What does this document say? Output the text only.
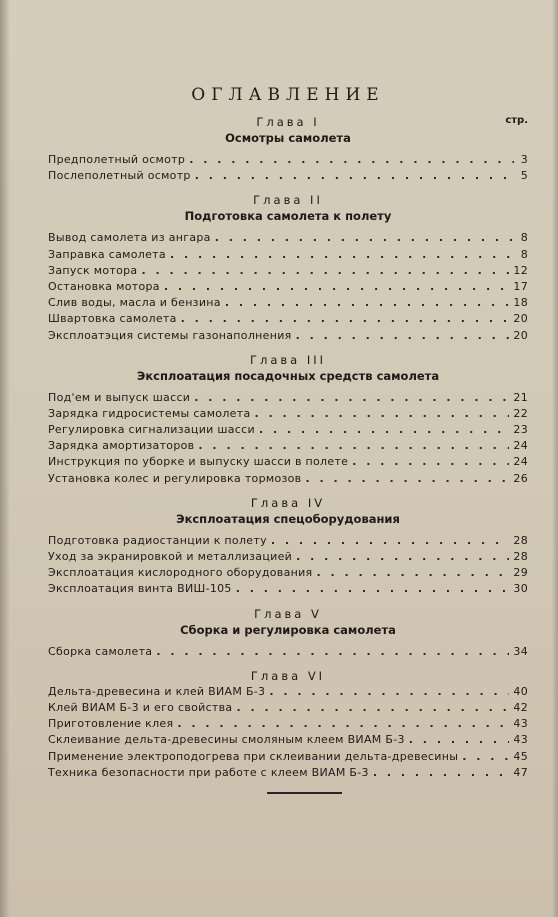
ОГЛАВЛЕНИЕ
стр.
Глава I
Осмотры самолета
Предполетный осмотр . . .	3
Послеполетный осмотр . . .	5
Глава II
Подготовка самолета к полету
Вывод самолета из ангара . . .	8
Заправка самолета . . .	8
Запуск мотора . . .	12
Остановка мотора . . .	17
Слив воды, масла и бензина . . .	18
Швартовка самолета . . .	20
Эксплоатэция системы газонаполнения . . .	20
Глава III
Эксплоатация посадочных средств самолета
Под'ем и выпуск шасси . . .	21
Зарядка гидросистемы самолета . . .	22
Регулировка сигнализации шасси . . .	23
Зарядка амортизаторов . . .	24
Инструкция по уборке и выпуску шасси в полете . . .	24
Установка колес и регулировка тормозов . . .	26
Глава IV
Эксплоатация спецоборудования
Подготовка радиостанции к полету . . .	28
Уход за экранировкой и металлизацией . . .	28
Эксплоатация кислородного оборудования . . .	29
Эксплоатация винта ВИШ-105 . . .	30
Глава V
Сборка и регулировка самолета
Сборка самолета . . .	34
Глава VI
Дельта-древесина и клей ВИАМ Б-3 . . .	40
Клей ВИАМ Б-3 и его свойства . . .	42
Приготовление клея . . .	43
Склеивание дельта-древесины смоляным клеем ВИАМ Б-3 . . .	43
Применение электроподогрева при склеивании дельта-древесины . . .	45
Техника безопасности при работе с клеем ВИАМ Б-3 . . .	47
